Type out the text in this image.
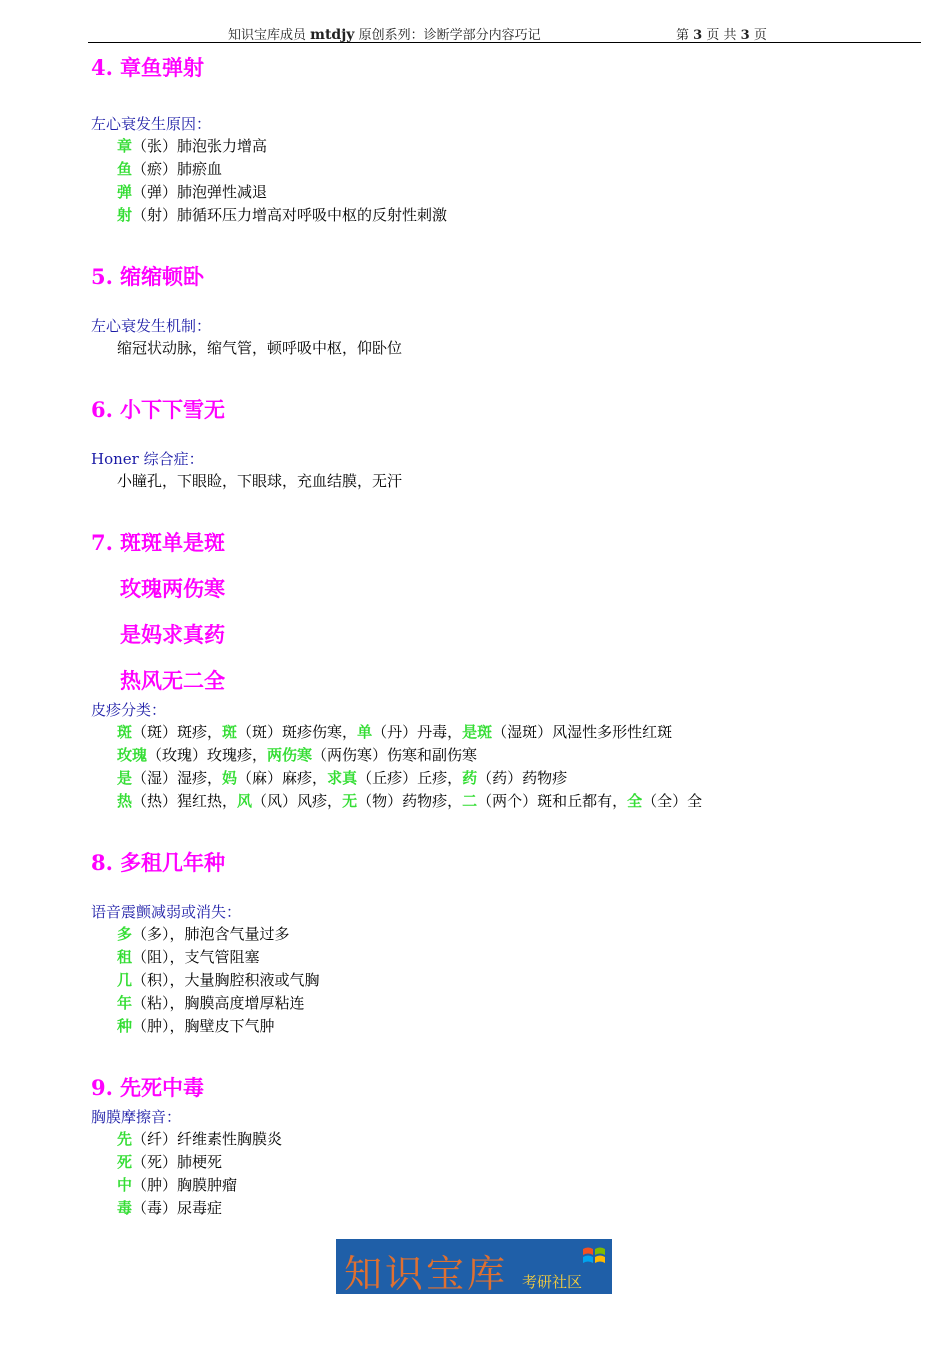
知识宝库成员 mtdjy 原创系列：诊断学部分内容巧记	第 3 页 共 3 页

4. 章鱼弹射

左心衰发生原因：
章（张）肺泡张力增高
鱼（瘀）肺瘀血
弹（弹）肺泡弹性减退
射（射）肺循环压力增高对呼吸中枢的反射性刺激

5. 缩缩顿卧

左心衰发生机制：
缩冠状动脉，缩气管，顿呼吸中枢，仰卧位

6. 小下下雪无

Honer 综合症：
小瞳孔，下眼睑，下眼球，充血结膜，无汗

7. 斑斑单是斑

玫瑰两伤寒

是妈求真药

热风无二全

皮疹分类：
斑（斑）斑疹，斑（斑）斑疹伤寒，单（丹）丹毒，是斑（湿斑）风湿性多形性红斑
玫瑰（玫瑰）玫瑰疹，两伤寒（两伤寒）伤寒和副伤寒
是（湿）湿疹，妈（麻）麻疹，求真（丘疹）丘疹，药（药）药物疹
热（热）猩红热，风（风）风疹，无（物）药物疹，二（两个）斑和丘都有，全（全）全

8. 多租几年种

语音震颤减弱或消失：
多（多），肺泡含气量过多
租（阻），支气管阻塞
几（积），大量胸腔积液或气胸
年（粘），胸膜高度增厚粘连
种（肿），胸壁皮下气肿

9. 先死中毒

胸膜摩擦音：
先（纤）纤维素性胸膜炎
死（死）肺梗死
中（肿）胸膜肿瘤
毒（毒）尿毒症
知识宝库 考研社区
